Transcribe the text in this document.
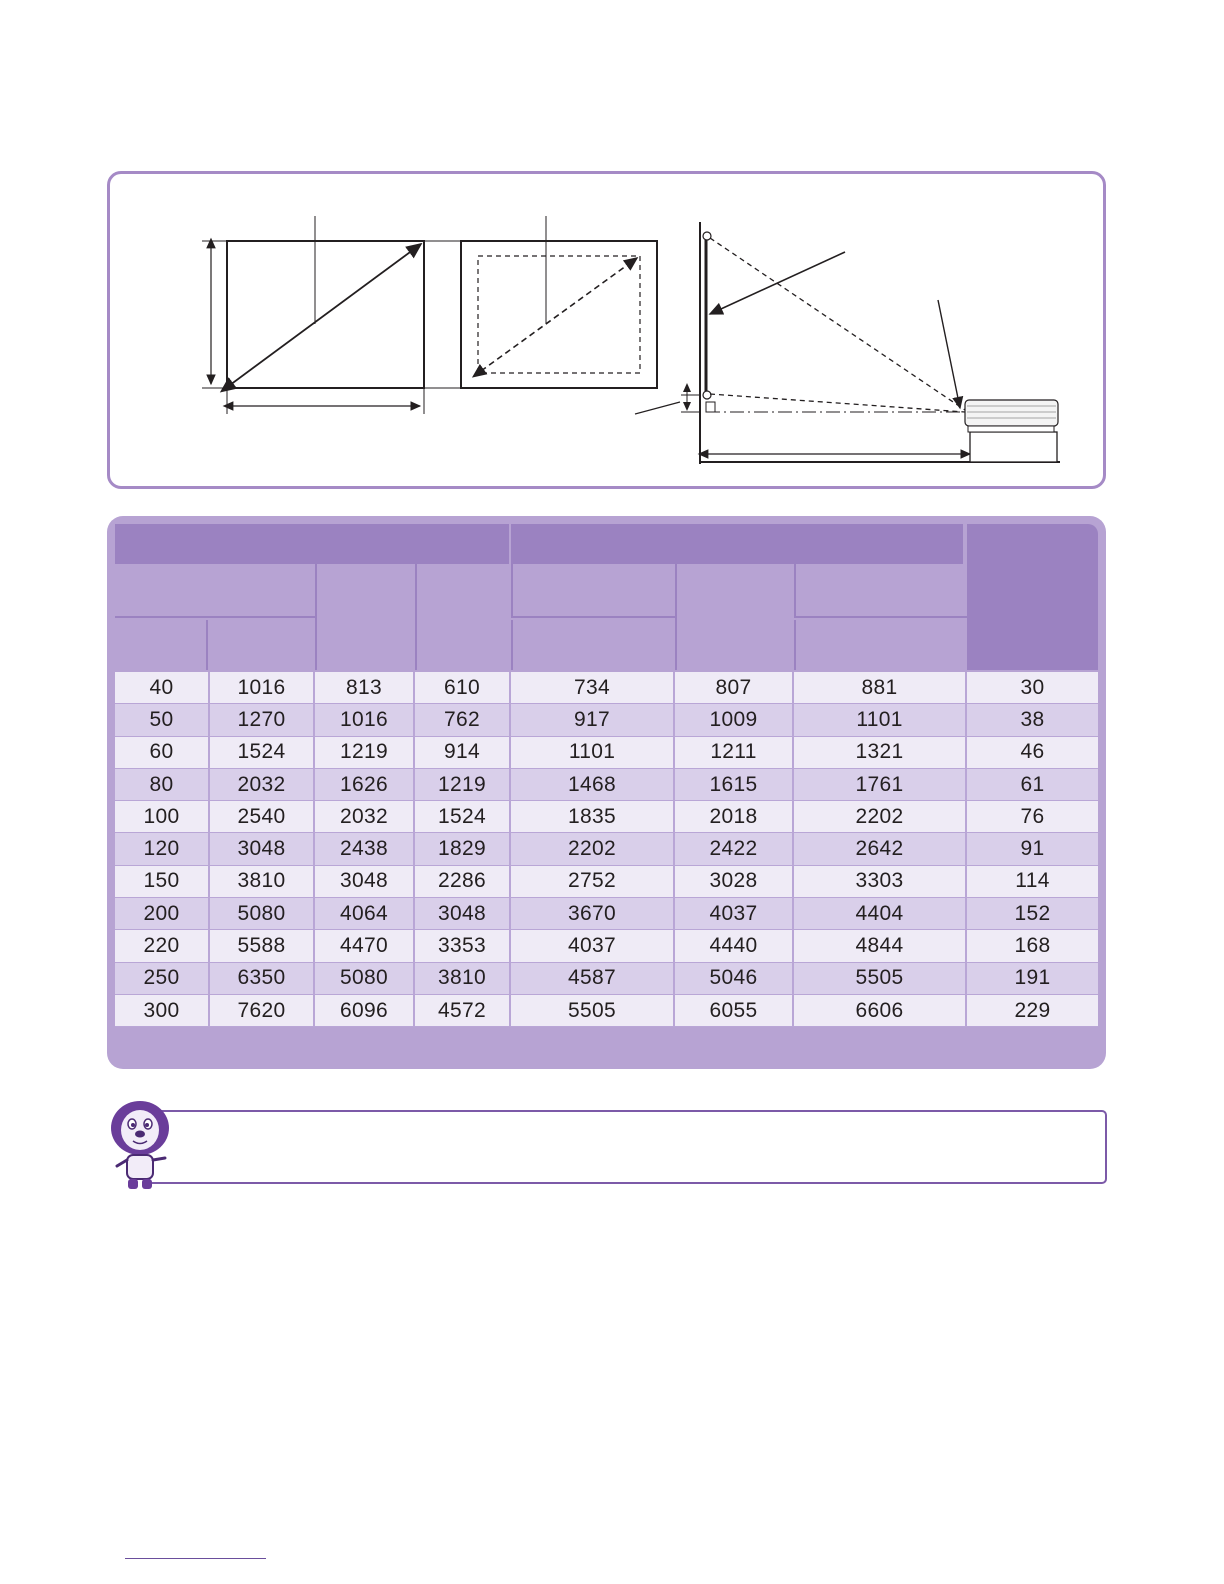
40	1016	813	610	734	807	881	30
50	1270	1016	762	917	1009	1101	38
60	1524	1219	914	1101	1211	1321	46
80	2032	1626	1219	1468	1615	1761	61
100	2540	2032	1524	1835	2018	2202	76
120	3048	2438	1829	2202	2422	2642	91
150	3810	3048	2286	2752	3028	3303	114
200	5080	4064	3048	3670	4037	4404	152
220	5588	4470	3353	4037	4440	4844	168
250	6350	5080	3810	4587	5046	5505	191
300	7620	6096	4572	5505	6055	6606	229
